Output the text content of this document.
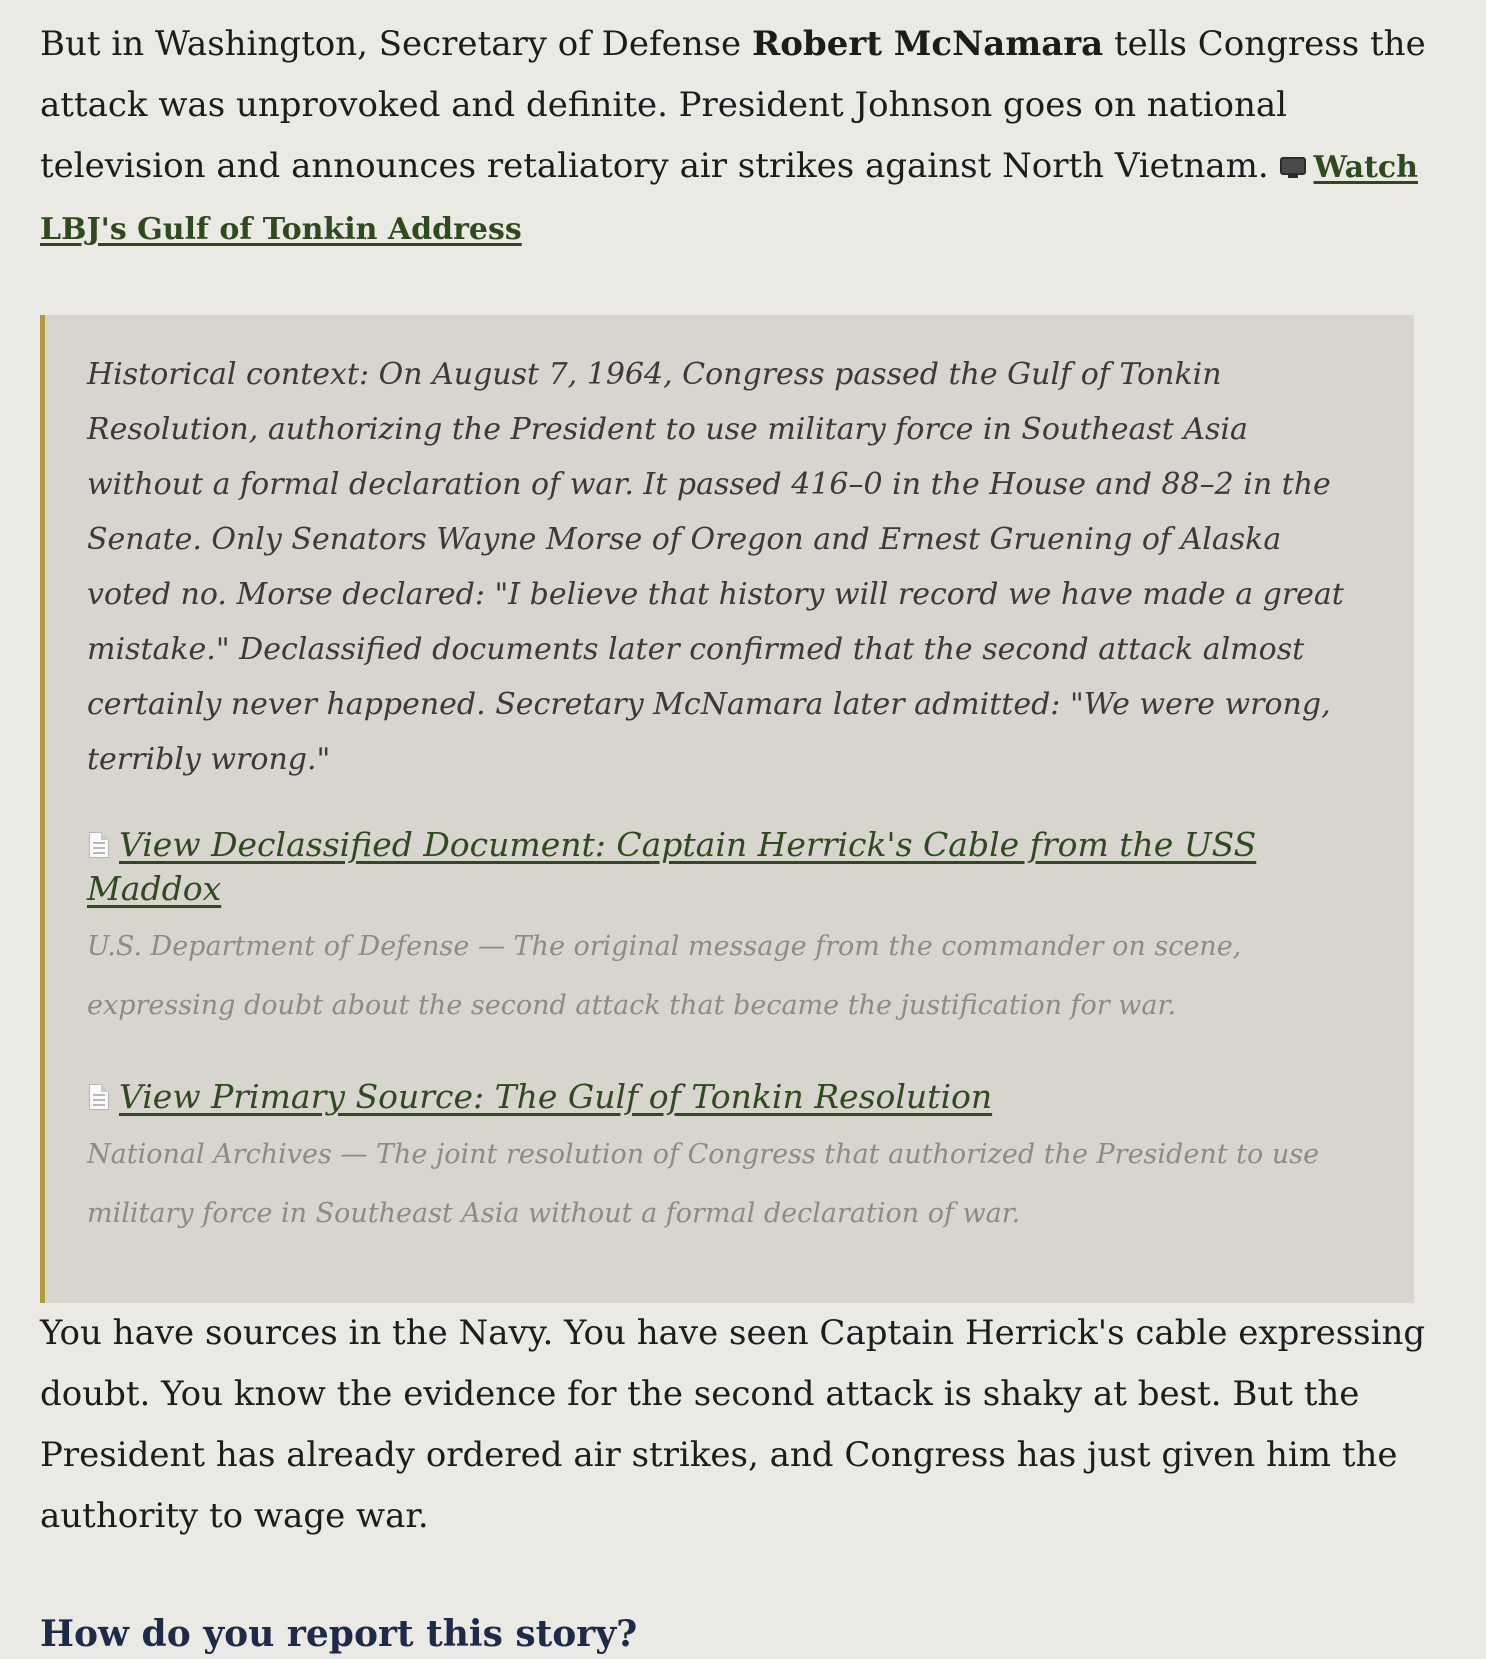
But in Washington, Secretary of Defense Robert McNamara tells Congress the attack was unprovoked and definite. President Johnson goes on national television and announces retaliatory air strikes against North Vietnam.
Watch LBJ's Gulf of Tonkin Address

Historical context: On August 7, 1964, Congress passed the Gulf of Tonkin Resolution, authorizing the President to use military force in Southeast Asia without a formal declaration of war. It passed 416–0 in the House and 88–2 in the Senate. Only Senators Wayne Morse of Oregon and Ernest Gruening of Alaska voted no. Morse declared: "I believe that history will record we have made a great mistake." Declassified documents later confirmed that the second attack almost certainly never happened. Secretary McNamara later admitted: "We were wrong, terribly wrong."

View Declassified Document: Captain Herrick's Cable from the USS Maddox

U.S. Department of Defense — The original message from the commander on scene, expressing doubt about the second attack that became the justification for war.

View Primary Source: The Gulf of Tonkin Resolution

National Archives — The joint resolution of Congress that authorized the President to use military force in Southeast Asia without a formal declaration of war.

You have sources in the Navy. You have seen Captain Herrick's cable expressing doubt. You know the evidence for the second attack is shaky at best. But the President has already ordered air strikes, and Congress has just given him the authority to wage war.

How do you report this story?
